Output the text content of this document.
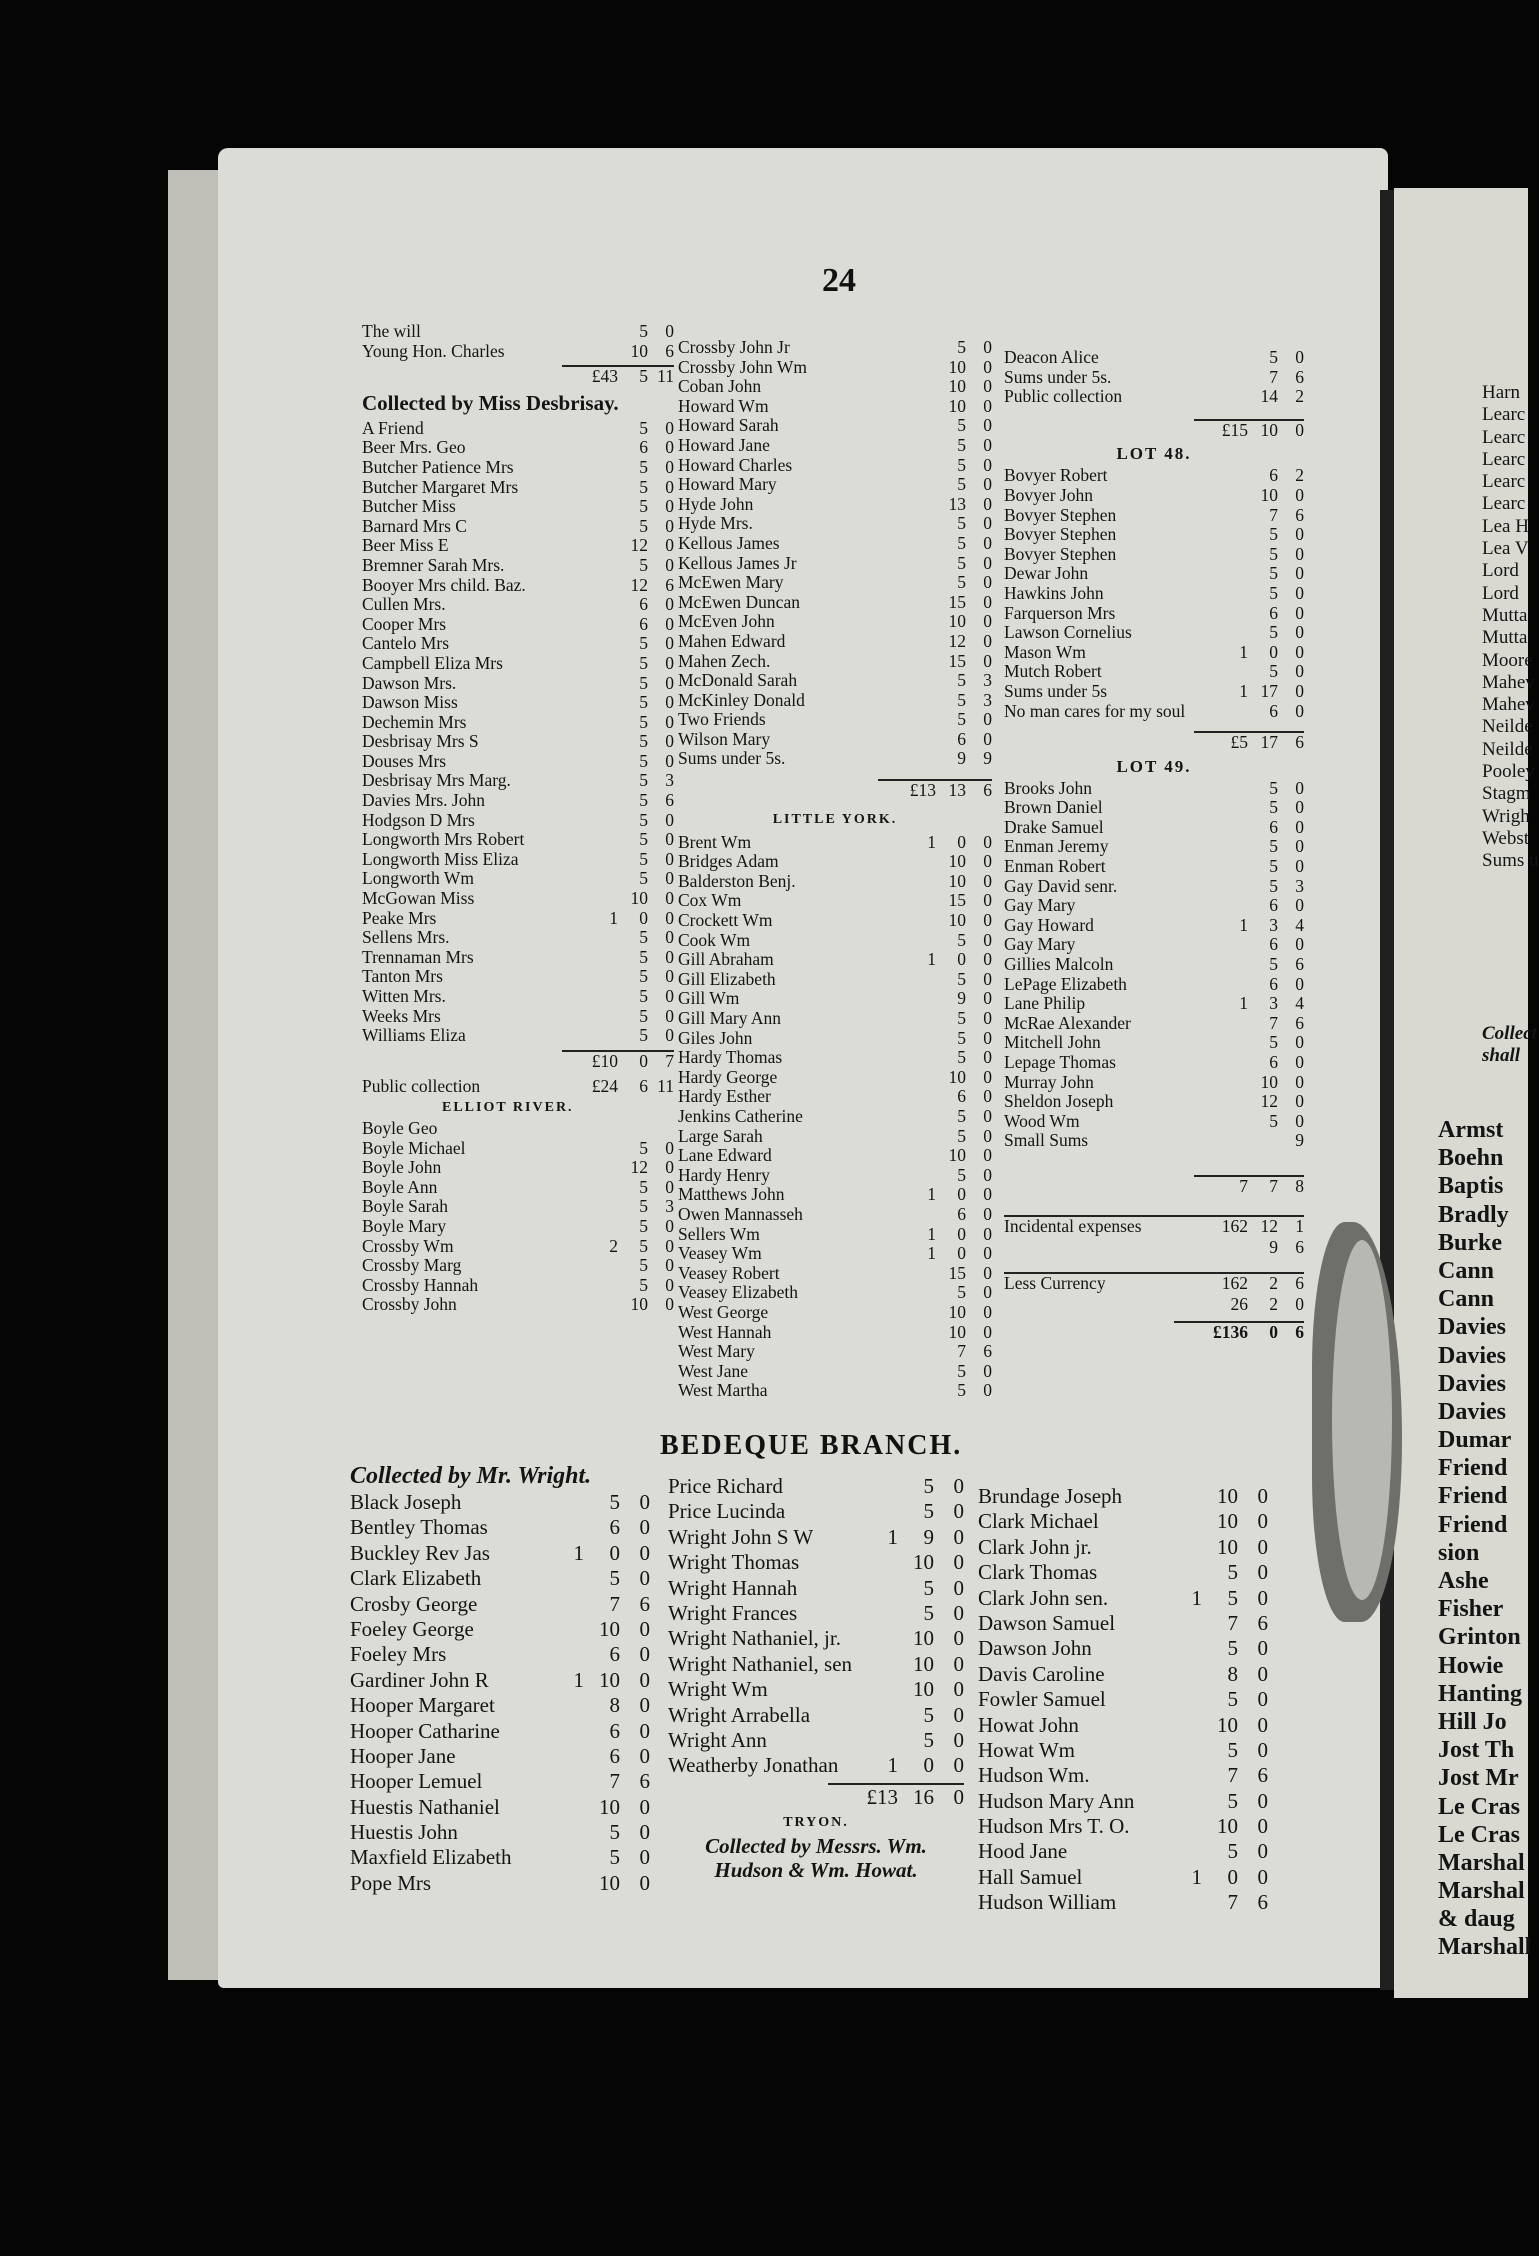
24
The will	5 0
Young Hon. Charles	10 6
£43	5 11
Collected by Miss Desbrisay.
A Friend	5 0
Beer Mrs. Geo	6 0
Butcher Patience Mrs	5 0
Butcher Margaret Mrs	5 0
Butcher Miss	5 0
Barnard Mrs C	5 0
Beer Miss E	12 0
Bremner Sarah Mrs.	5 0
Booyer Mrs child. Baz.	12 6
Cullen Mrs.	6 0
Cooper Mrs	6 0
Cantelo Mrs	5 0
Campbell Eliza Mrs	5 0
Dawson Mrs.	5 0
Dawson Miss	5 0
Dechemin Mrs	5 0
Desbrisay Mrs S	5 0
Douses Mrs	5 0
Desbrisay Mrs Marg.	5 3
Davies Mrs. John	5 6
Hodgson D Mrs	5 0
Longworth Mrs Robert	5 0
Longworth Miss Eliza	5 0
Longworth Wm	5 0
McGowan Miss	10 0
Peake Mrs	1	0 0
Sellens Mrs.	5 0
Trennaman Mrs	5 0
Tanton Mrs	5 0
Witten Mrs.	5 0
Weeks Mrs	5 0
Williams Eliza	5 0
£10	0 7
Public collection	£24	6 11
ELLIOT RIVER.
Boyle Geo
Boyle Michael	5 0
Boyle John	12 0
Boyle Ann	5 0
Boyle Sarah	5 3
Boyle Mary	5 0
Crossby Wm	2	5 0
Crossby Marg	5 0
Crossby Hannah	5 0
Crossby John	10 0
Crossby John Jr	5 0
Crossby John Wm	10 0
Coban John	10 0
Howard Wm	10 0
Howard Sarah	5 0
Howard Jane	5 0
Howard Charles	5 0
Howard Mary	5 0
Hyde John	13 0
Hyde Mrs.	5 0
Kellous James	5 0
Kellous James Jr	5 0
McEwen Mary	5 0
McEwen Duncan	15 0
McEven John	10 0
Mahen Edward	12 0
Mahen Zech.	15 0
McDonald Sarah	5 3
McKinley Donald	5 3
Two Friends	5 0
Wilson Mary	6 0
Sums under 5s.	9 9
£13 13 6
LITTLE YORK.
Brent Wm	1	0 0
Bridges Adam	10 0
Balderston Benj.	10 0
Cox Wm	15 0
Crockett Wm	10 0
Cook Wm	5 0
Gill Abraham	1	0 0
Gill Elizabeth	5 0
Gill Wm	9 0
Gill Mary Ann	5 0
Giles John	5 0
Hardy Thomas	5 0
Hardy George	10 0
Hardy Esther	6 0
Jenkins Catherine	5 0
Large Sarah	5 0
Lane Edward	10 0
Hardy Henry	5 0
Matthews John	1	0 0
Owen Mannasseh	6 0
Sellers Wm	1	0 0
Veasey Wm	1	0 0
Veasey Robert	15 0
Veasey Elizabeth	5 0
West George	10 0
West Hannah	10 0
West Mary	7 6
West Jane	5 0
West Martha	5 0
Deacon Alice	5 0
Sums under 5s.	7 6
Public collection	14 2
£15 10 0
LOT 48.
Bovyer Robert	6 2
Bovyer John	10 0
Bovyer Stephen	7 6
Bovyer Stephen	5 0
Bovyer Stephen	5 0
Dewar John	5 0
Hawkins John	5 0
Farquerson Mrs	6 0
Lawson Cornelius	5 0
Mason Wm	1	0 0
Mutch Robert	5 0
Sums under 5s	1 17 0
No man cares for my soul	6 0
£5 17 6
LOT 49.
Brooks John	5 0
Brown Daniel	5 0
Drake Samuel	6 0
Enman Jeremy	5 0
Enman Robert	5 0
Gay David senr.	5 3
Gay Mary	6 0
Gay Howard	1	3 4
Gay Mary	6 0
Gillies Malcoln	5 6
LePage Elizabeth	6 0
Lane Philip	1	3 4
McRae Alexander	7 6
Mitchell John	5 0
Lepage Thomas	6 0
Murray John	10 0
Sheldon Joseph	12 0
Wood Wm	5 0
Small Sums	9
7	7 8
Incidental expenses	162 12 1
9 6
Less Currency	162	2 6
26	2 0
£136	0 6
BEDEQUE BRANCH.
Collected by Mr. Wright.
Black Joseph	5 0
Bentley Thomas	6 0
Buckley Rev Jas	1	0 0
Clark Elizabeth	5 0
Crosby George	7 6
Foeley George	10 0
Foeley Mrs	6 0
Gardiner John R	1 10 0
Hooper Margaret	8 0
Hooper Catharine	6 0
Hooper Jane	6 0
Hooper Lemuel	7 6
Huestis Nathaniel	10 0
Huestis John	5 0
Maxfield Elizabeth	5 0
Pope Mrs	10 0
Price Richard	5 0
Price Lucinda	5 0
Wright John S W	1	9 0
Wright Thomas	10 0
Wright Hannah	5 0
Wright Frances	5 0
Wright Nathaniel, jr.	10 0
Wright Nathaniel, sen	10 0
Wright Wm	10 0
Wright Arrabella	5 0
Wright Ann	5 0
Weatherby Jonathan	1	0 0
£13 16 0
TRYON.
Collected by Messrs. Wm.
Hudson & Wm. Howat.
Brundage Joseph	10 0
Clark Michael	10 0
Clark John jr.	10 0
Clark Thomas	5 0
Clark John sen.	1	5 0
Dawson Samuel	7 6
Dawson John	5 0
Davis Caroline	8 0
Fowler Samuel	5 0
Howat John	10 0
Howat Wm	5 0
Hudson Wm.	7 6
Hudson Mary Ann	5 0
Hudson Mrs T. O.	10 0
Hood Jane	5 0
Hall Samuel	1	0 0
Hudson William	7 6
Harn
Learc
Learc
Learc
Learc
Learc
Lea H
Lea V
Lord
Lord
Mutta
Mutta
Moore
Mahev
Mahev
Neilde
Neilde
Pooley
Stagm
Wrigh
Webst
Sums u
Collect
shall
Armst
Boehn
Baptis
Bradly
Burke
Cann
Cann
Davies
Davies
Davies
Davies
Dumar
Friend
Friend
Friend
sion
Ashe
Fisher
Grinton
Howie
Hanting
Hill Jo
Jost Th
Jost Mr
Le Cras
Le Cras
Marshal
Marshal
& daug
Marshall
